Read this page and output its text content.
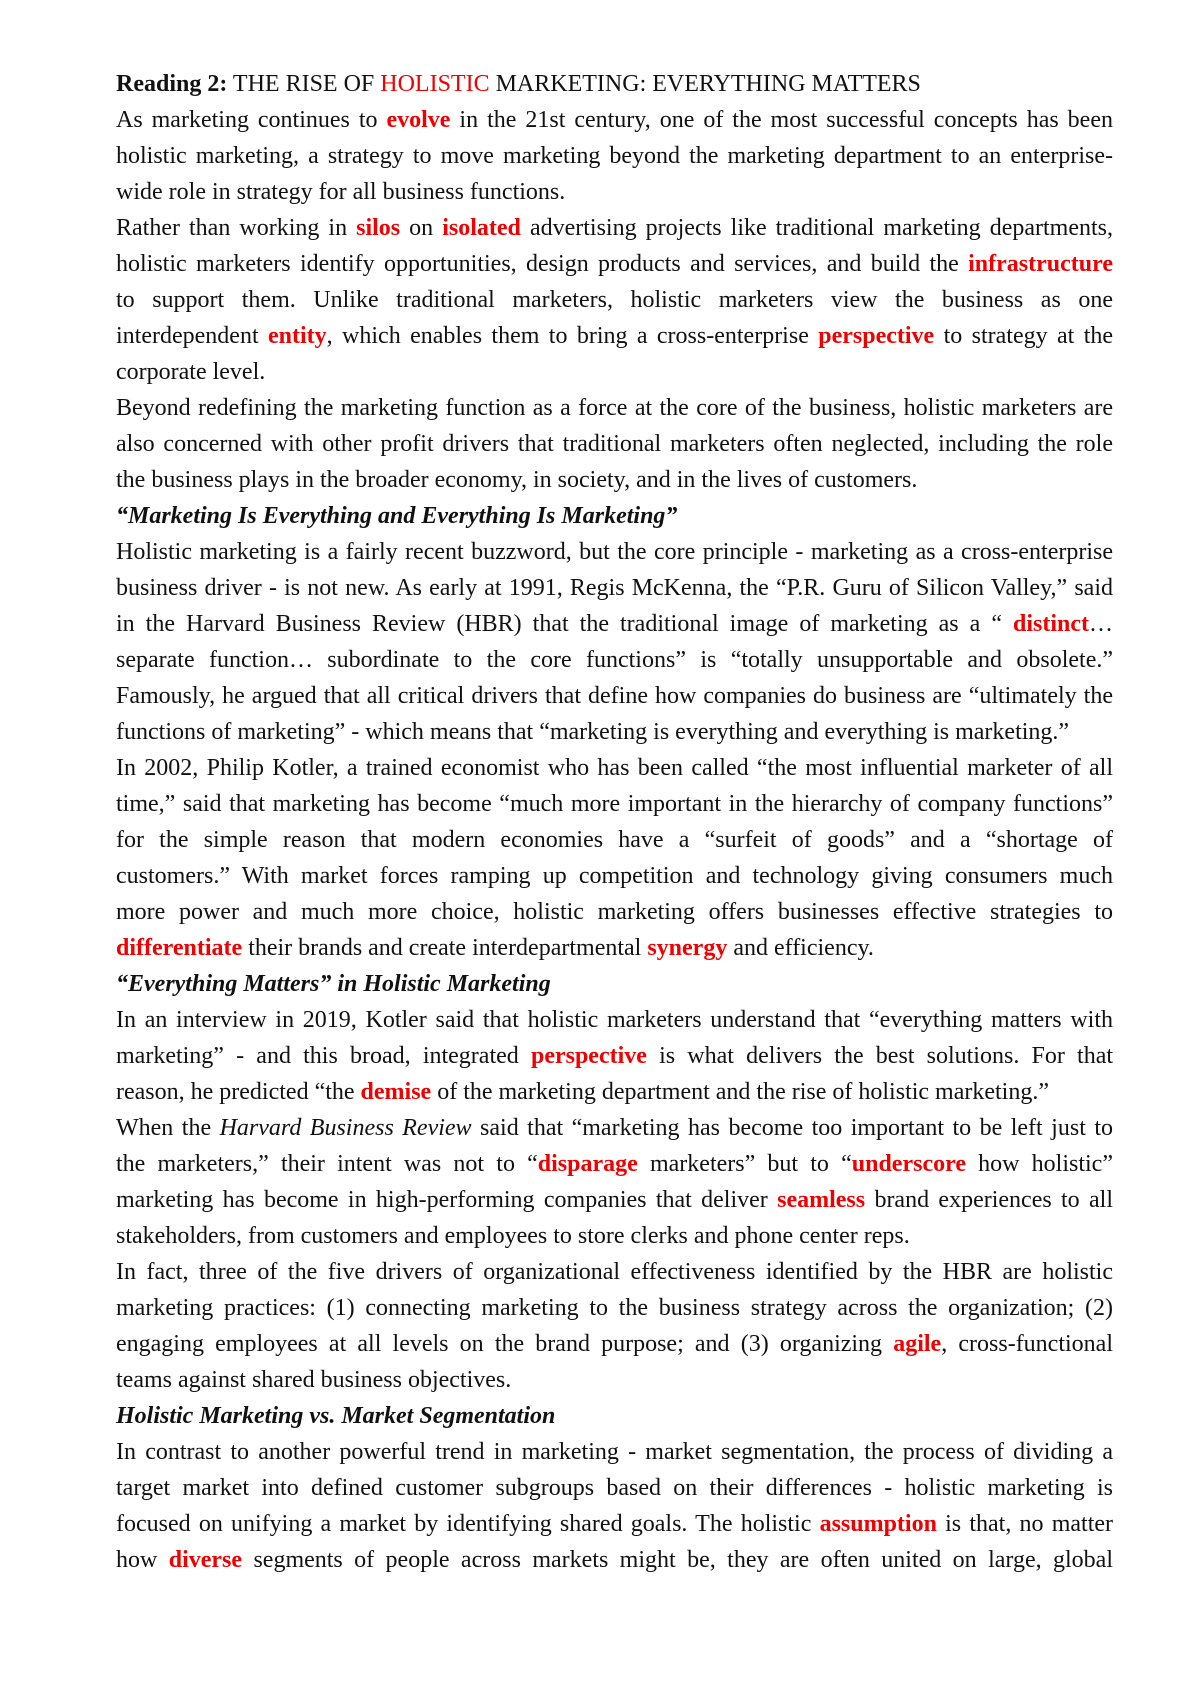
Reading 2: THE RISE OF HOLISTIC MARKETING: EVERYTHING MATTERS
As marketing continues to evolve in the 21st century, one of the most successful concepts has been
holistic marketing, a strategy to move marketing beyond the marketing department to an enterprise-
wide role in strategy for all business functions.
Rather than working in silos on isolated advertising projects like traditional marketing departments,
holistic marketers identify opportunities, design products and services, and build the infrastructure
to support them. Unlike traditional marketers, holistic marketers view the business as one
interdependent entity, which enables them to bring a cross-enterprise perspective to strategy at the
corporate level.
Beyond redefining the marketing function as a force at the core of the business, holistic marketers are
also concerned with other profit drivers that traditional marketers often neglected, including the role
the business plays in the broader economy, in society, and in the lives of customers.
“Marketing Is Everything and Everything Is Marketing”
Holistic marketing is a fairly recent buzzword, but the core principle - marketing as a cross-enterprise
business driver - is not new. As early at 1991, Regis McKenna, the “P.R. Guru of Silicon Valley,” said
in the Harvard Business Review (HBR) that the traditional image of marketing as a “ distinct…
separate function… subordinate to the core functions” is “totally unsupportable and obsolete.”
Famously, he argued that all critical drivers that define how companies do business are “ultimately the
functions of marketing” - which means that “marketing is everything and everything is marketing.”
In 2002, Philip Kotler, a trained economist who has been called “the most influential marketer of all
time,” said that marketing has become “much more important in the hierarchy of company functions”
for the simple reason that modern economies have a “surfeit of goods” and a “shortage of
customers.” With market forces ramping up competition and technology giving consumers much
more power and much more choice, holistic marketing offers businesses effective strategies to
differentiate their brands and create interdepartmental synergy and efficiency.
“Everything Matters” in Holistic Marketing
In an interview in 2019, Kotler said that holistic marketers understand that “everything matters with
marketing” - and this broad, integrated perspective is what delivers the best solutions. For that
reason, he predicted “the demise of the marketing department and the rise of holistic marketing.”
When the Harvard Business Review said that “marketing has become too important to be left just to
the marketers,” their intent was not to “disparage marketers” but to “underscore how holistic”
marketing has become in high-performing companies that deliver seamless brand experiences to all
stakeholders, from customers and employees to store clerks and phone center reps.
In fact, three of the five drivers of organizational effectiveness identified by the HBR are holistic
marketing practices: (1) connecting marketing to the business strategy across the organization; (2)
engaging employees at all levels on the brand purpose; and (3) organizing agile, cross-functional
teams against shared business objectives.
Holistic Marketing vs. Market Segmentation
In contrast to another powerful trend in marketing - market segmentation, the process of dividing a
target market into defined customer subgroups based on their differences - holistic marketing is
focused on unifying a market by identifying shared goals. The holistic assumption is that, no matter
how diverse segments of people across markets might be, they are often united on large, global
